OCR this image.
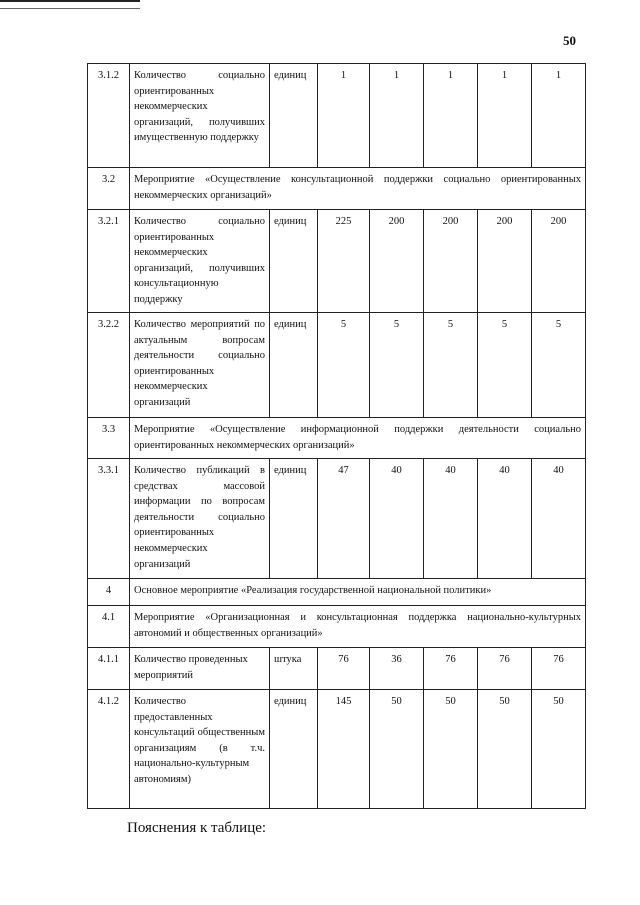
50
3.1.2	Количество социально ориентированных некоммерческих организаций, получивших имущественную поддержку	единиц	1	1	1	1	1
3.2	Мероприятие «Осуществление консультационной поддержки социально ориентированных некоммерческих организаций»						
3.2.1	Количество социально ориентированных некоммерческих организаций, получивших консультационную поддержку	единиц	225	200	200	200	200
3.2.2	Количество мероприятий по актуальным вопросам деятельности социально ориентированных некоммерческих организаций	единиц	5	5	5	5	5
3.3	Мероприятие «Осуществление информационной поддержки деятельности социально ориентированных некоммерческих организаций»						
3.3.1	Количество публикаций в средствах массовой информации по вопросам деятельности социально ориентированных некоммерческих организаций	единиц	47	40	40	40	40
4	Основное мероприятие «Реализация государственной национальной политики»						
4.1	Мероприятие «Организационная и консультационная поддержка национально-культурных автономий и общественных организаций»						
4.1.1	Количество проведенных мероприятий	штука	76	36	76	76	76
4.1.2	Количество предоставленных консультаций общественным организациям (в т.ч. национально-культурным автономиям)	единиц	145	50	50	50	50
Пояснения к таблице:
